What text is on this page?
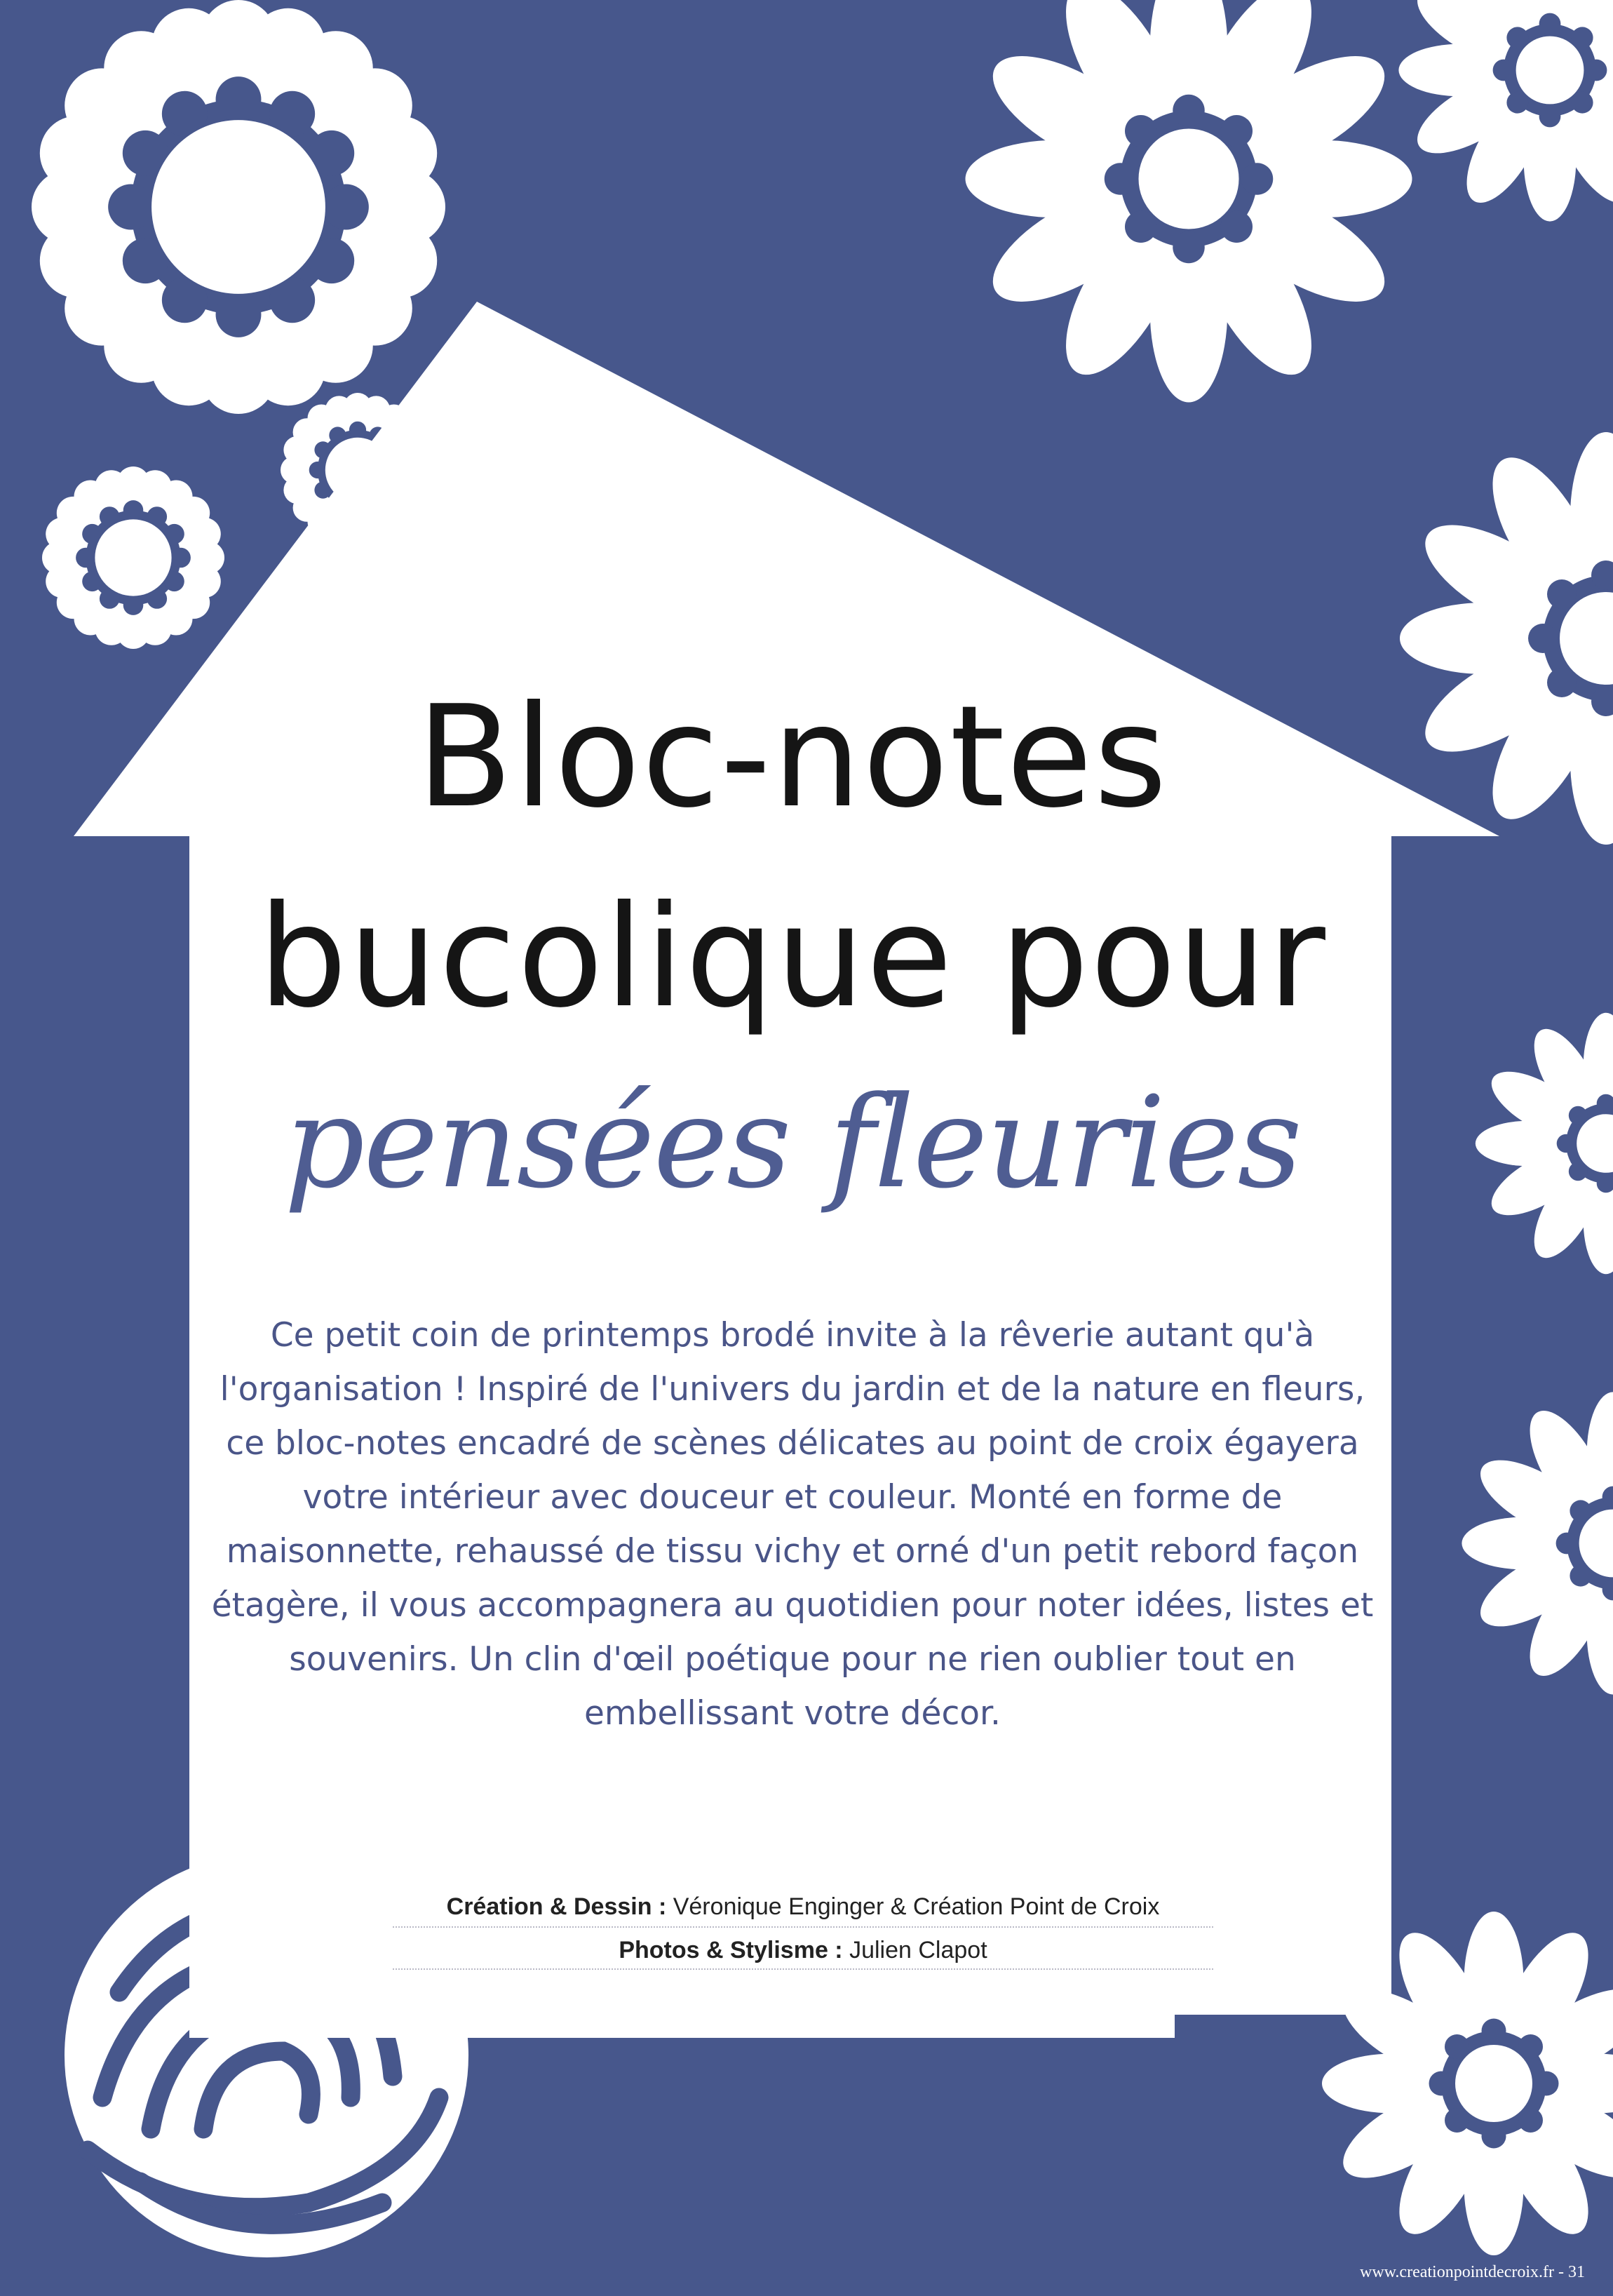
Bloc-notes
bucolique pour
pensées fleuries

Ce petit coin de printemps brodé invite à la rêverie autant qu'à l'organisation ! Inspiré de l'univers du jardin et de la nature en fleurs, ce bloc-notes encadré de scènes délicates au point de croix égayera votre intérieur avec douceur et couleur. Monté en forme de maisonnette, rehaussé de tissu vichy et orné d'un petit rebord façon étagère, il vous accompagnera au quotidien pour noter idées, listes et souvenirs. Un clin d'œil poétique pour ne rien oublier tout en embellissant votre décor.

Création & Dessin : Véronique Enginger & Création Point de Croix
Photos & Stylisme : Julien Clapot
www.creationpointdecroix.fr - 31
